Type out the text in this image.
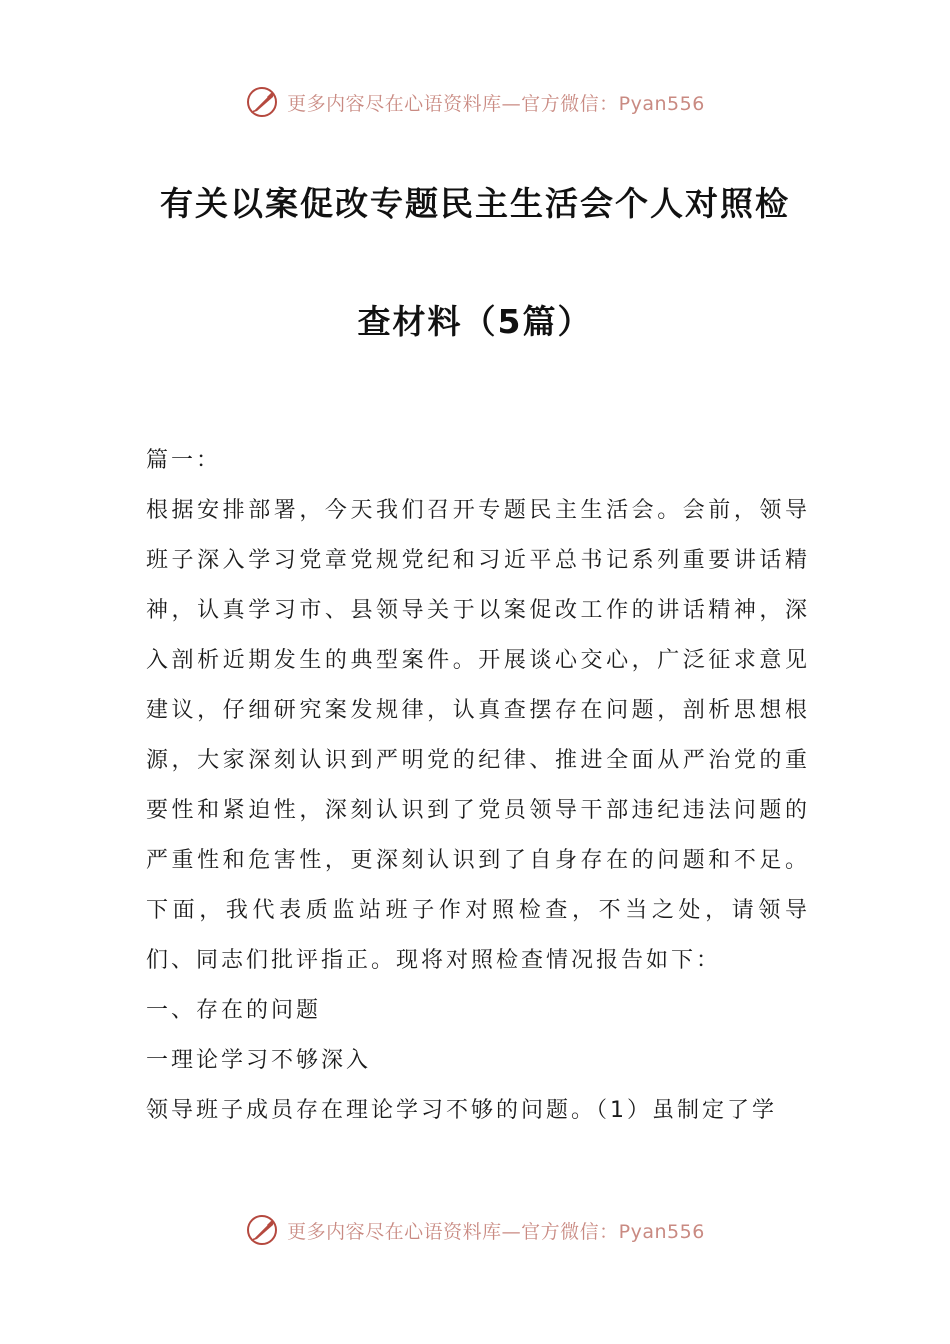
更多内容尽在心语资料库—官方微信：Pyan556
有关以案促改专题民主生活会个人对照检
查材料（5篇）

篇一：

根据安排部署，今天我们召开专题民主生活会。会前，领导班子深入学习党章党规党纪和习近平总书记系列重要讲话精神，认真学习市、县领导关于以案促改工作的讲话精神，深入剖析近期发生的典型案件。开展谈心交心，广泛征求意见建议，仔细研究案发规律，认真查摆存在问题，剖析思想根源，大家深刻认识到严明党的纪律、推进全面从严治党的重要性和紧迫性，深刻认识到了党员领导干部违纪违法问题的严重性和危害性，更深刻认识到了自身存在的问题和不足。下面，我代表质监站班子作对照检查，不当之处，请领导们、同志们批评指正。现将对照检查情况报告如下：

一、存在的问题

一理论学习不够深入

领导班子成员存在理论学习不够的问题。（1）虽制定了学

更多内容尽在心语资料库—官方微信：Pyan556
